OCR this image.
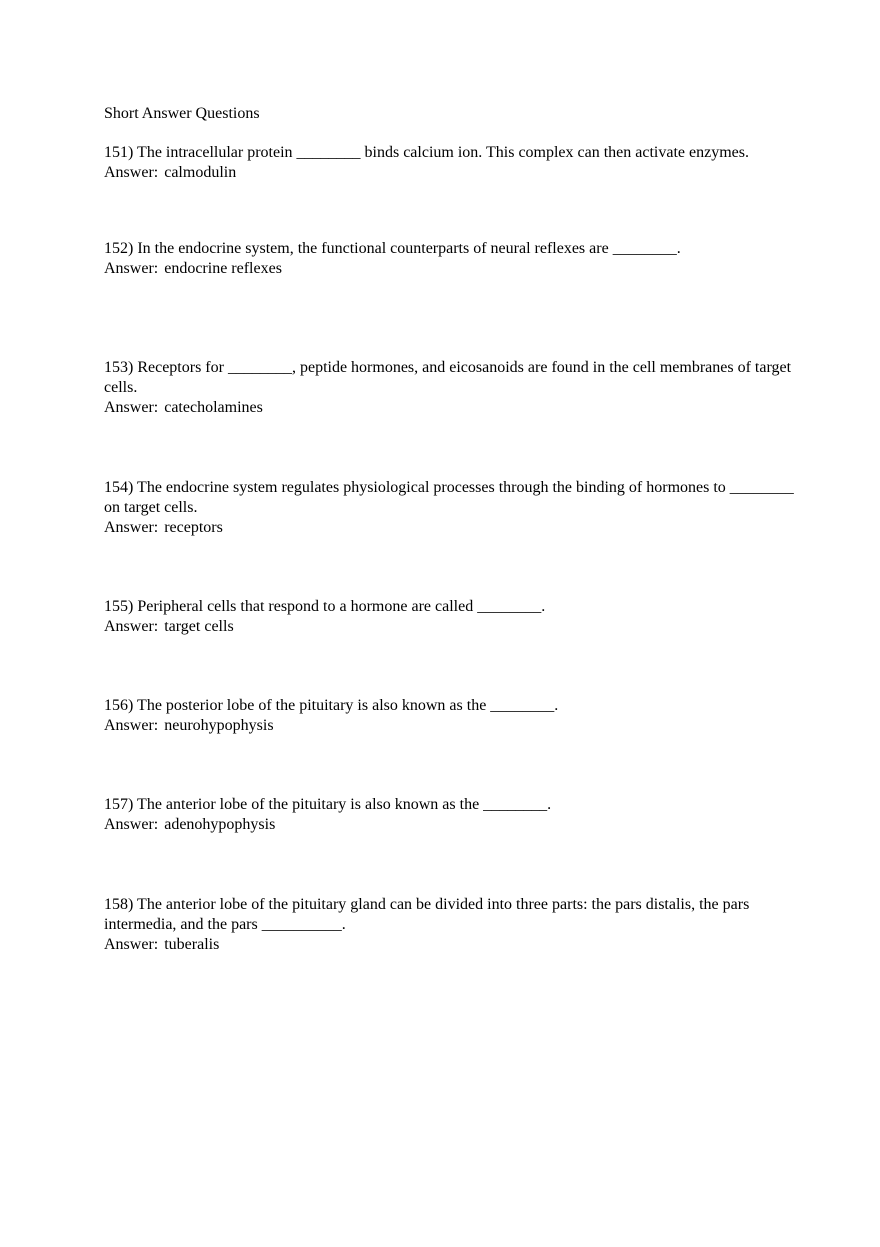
Short Answer Questions

151) The intracellular protein ________ binds calcium ion. This complex can then activate enzymes.

Answer: calmodulin

152) In the endocrine system, the functional counterparts of neural reflexes are ________.

Answer: endocrine reflexes

153) Receptors for ________, peptide hormones, and eicosanoids are found in the cell membranes of target cells.

Answer: catecholamines

154) The endocrine system regulates physiological processes through the binding of hormones to ________ on target cells.

Answer: receptors

155) Peripheral cells that respond to a hormone are called ________.

Answer: target cells

156) The posterior lobe of the pituitary is also known as the ________.

Answer: neurohypophysis

157) The anterior lobe of the pituitary is also known as the ________.

Answer: adenohypophysis

158) The anterior lobe of the pituitary gland can be divided into three parts: the pars distalis, the pars intermedia, and the pars __________.

Answer: tuberalis
